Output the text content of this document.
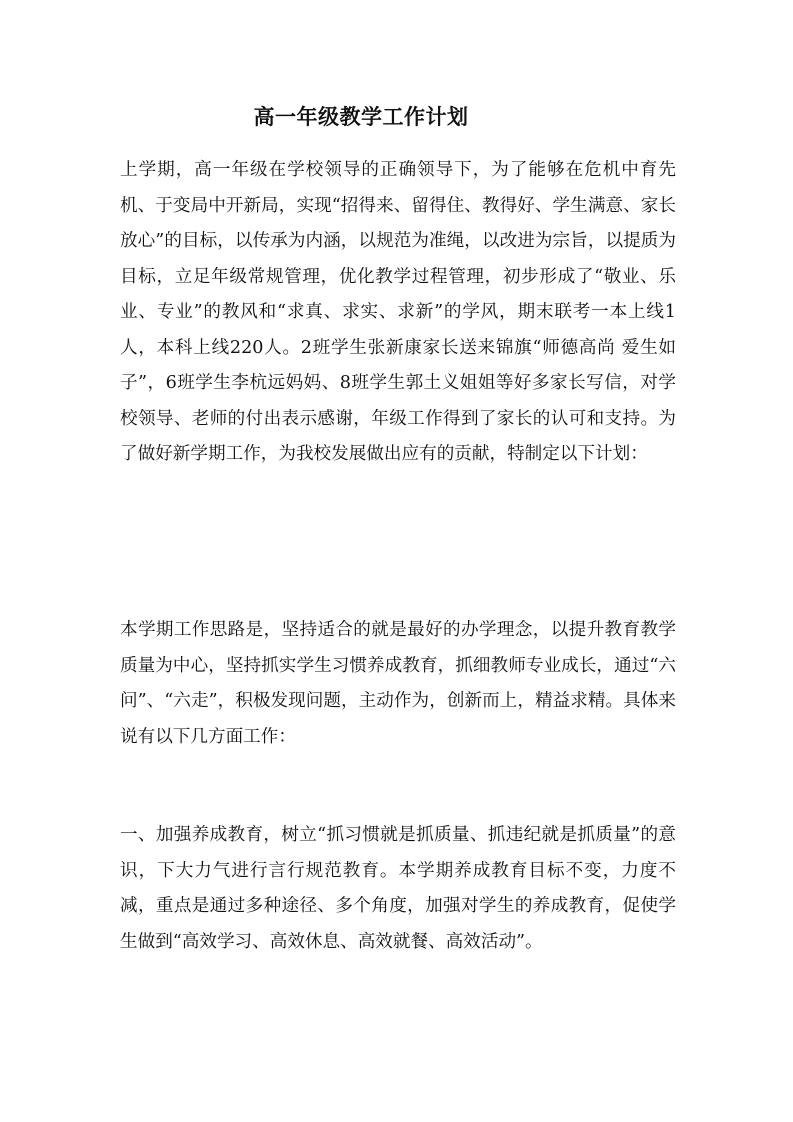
高一年级教学工作计划

上学期，高一年级在学校领导的正确领导下，为了能够在危机中育先机、于变局中开新局，实现“招得来、留得住、教得好、学生满意、家长放心”的目标，以传承为内涵，以规范为准绳，以改进为宗旨，以提质为目标，立足年级常规管理，优化教学过程管理，初步形成了“敬业、乐业、专业”的教风和“求真、求实、求新”的学风，期末联考一本上线1人，本科上线220人。2班学生张新康家长送来锦旗“师德高尚 爱生如子”，6班学生李杭远妈妈、8班学生郭土义姐姐等好多家长写信，对学校领导、老师的付出表示感谢，年级工作得到了家长的认可和支持。为了做好新学期工作，为我校发展做出应有的贡献，特制定以下计划：

本学期工作思路是，坚持适合的就是最好的办学理念，以提升教育教学质量为中心，坚持抓实学生习惯养成教育，抓细教师专业成长，通过“六问”、“六走”，积极发现问题，主动作为，创新而上，精益求精。具体来说有以下几方面工作：

一、加强养成教育，树立“抓习惯就是抓质量、抓违纪就是抓质量”的意识，下大力气进行言行规范教育。本学期养成教育目标不变，力度不减，重点是通过多种途径、多个角度，加强对学生的养成教育，促使学生做到“高效学习、高效休息、高效就餐、高效活动”。
